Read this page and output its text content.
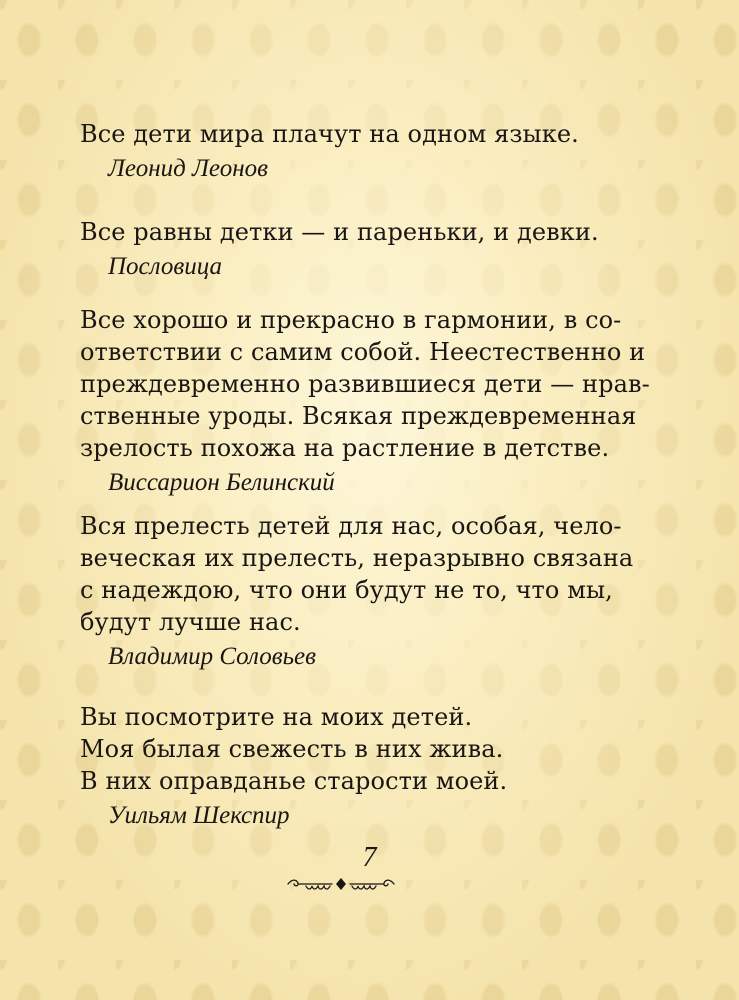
Все дети мира плачут на одном языке.
Леонид Леонов
Все равны детки — и пареньки, и девки.
Пословица
Все хорошо и прекрасно в гармонии, в со-
ответствии с самим собой. Неестественно и
преждевременно развившиеся дети — нрав-
ственные уроды. Всякая преждевременная
зрелость похожа на растление в детстве.
Виссарион Белинский
Вся прелесть детей для нас, особая, чело-
веческая их прелесть, неразрывно связана
с надеждою, что они будут не то, что мы,
будут лучше нас.
Владимир Соловьев
Вы посмотрите на моих детей.
Моя былая свежесть в них жива.
В них оправданье старости моей.
Уильям Шекспир
7
